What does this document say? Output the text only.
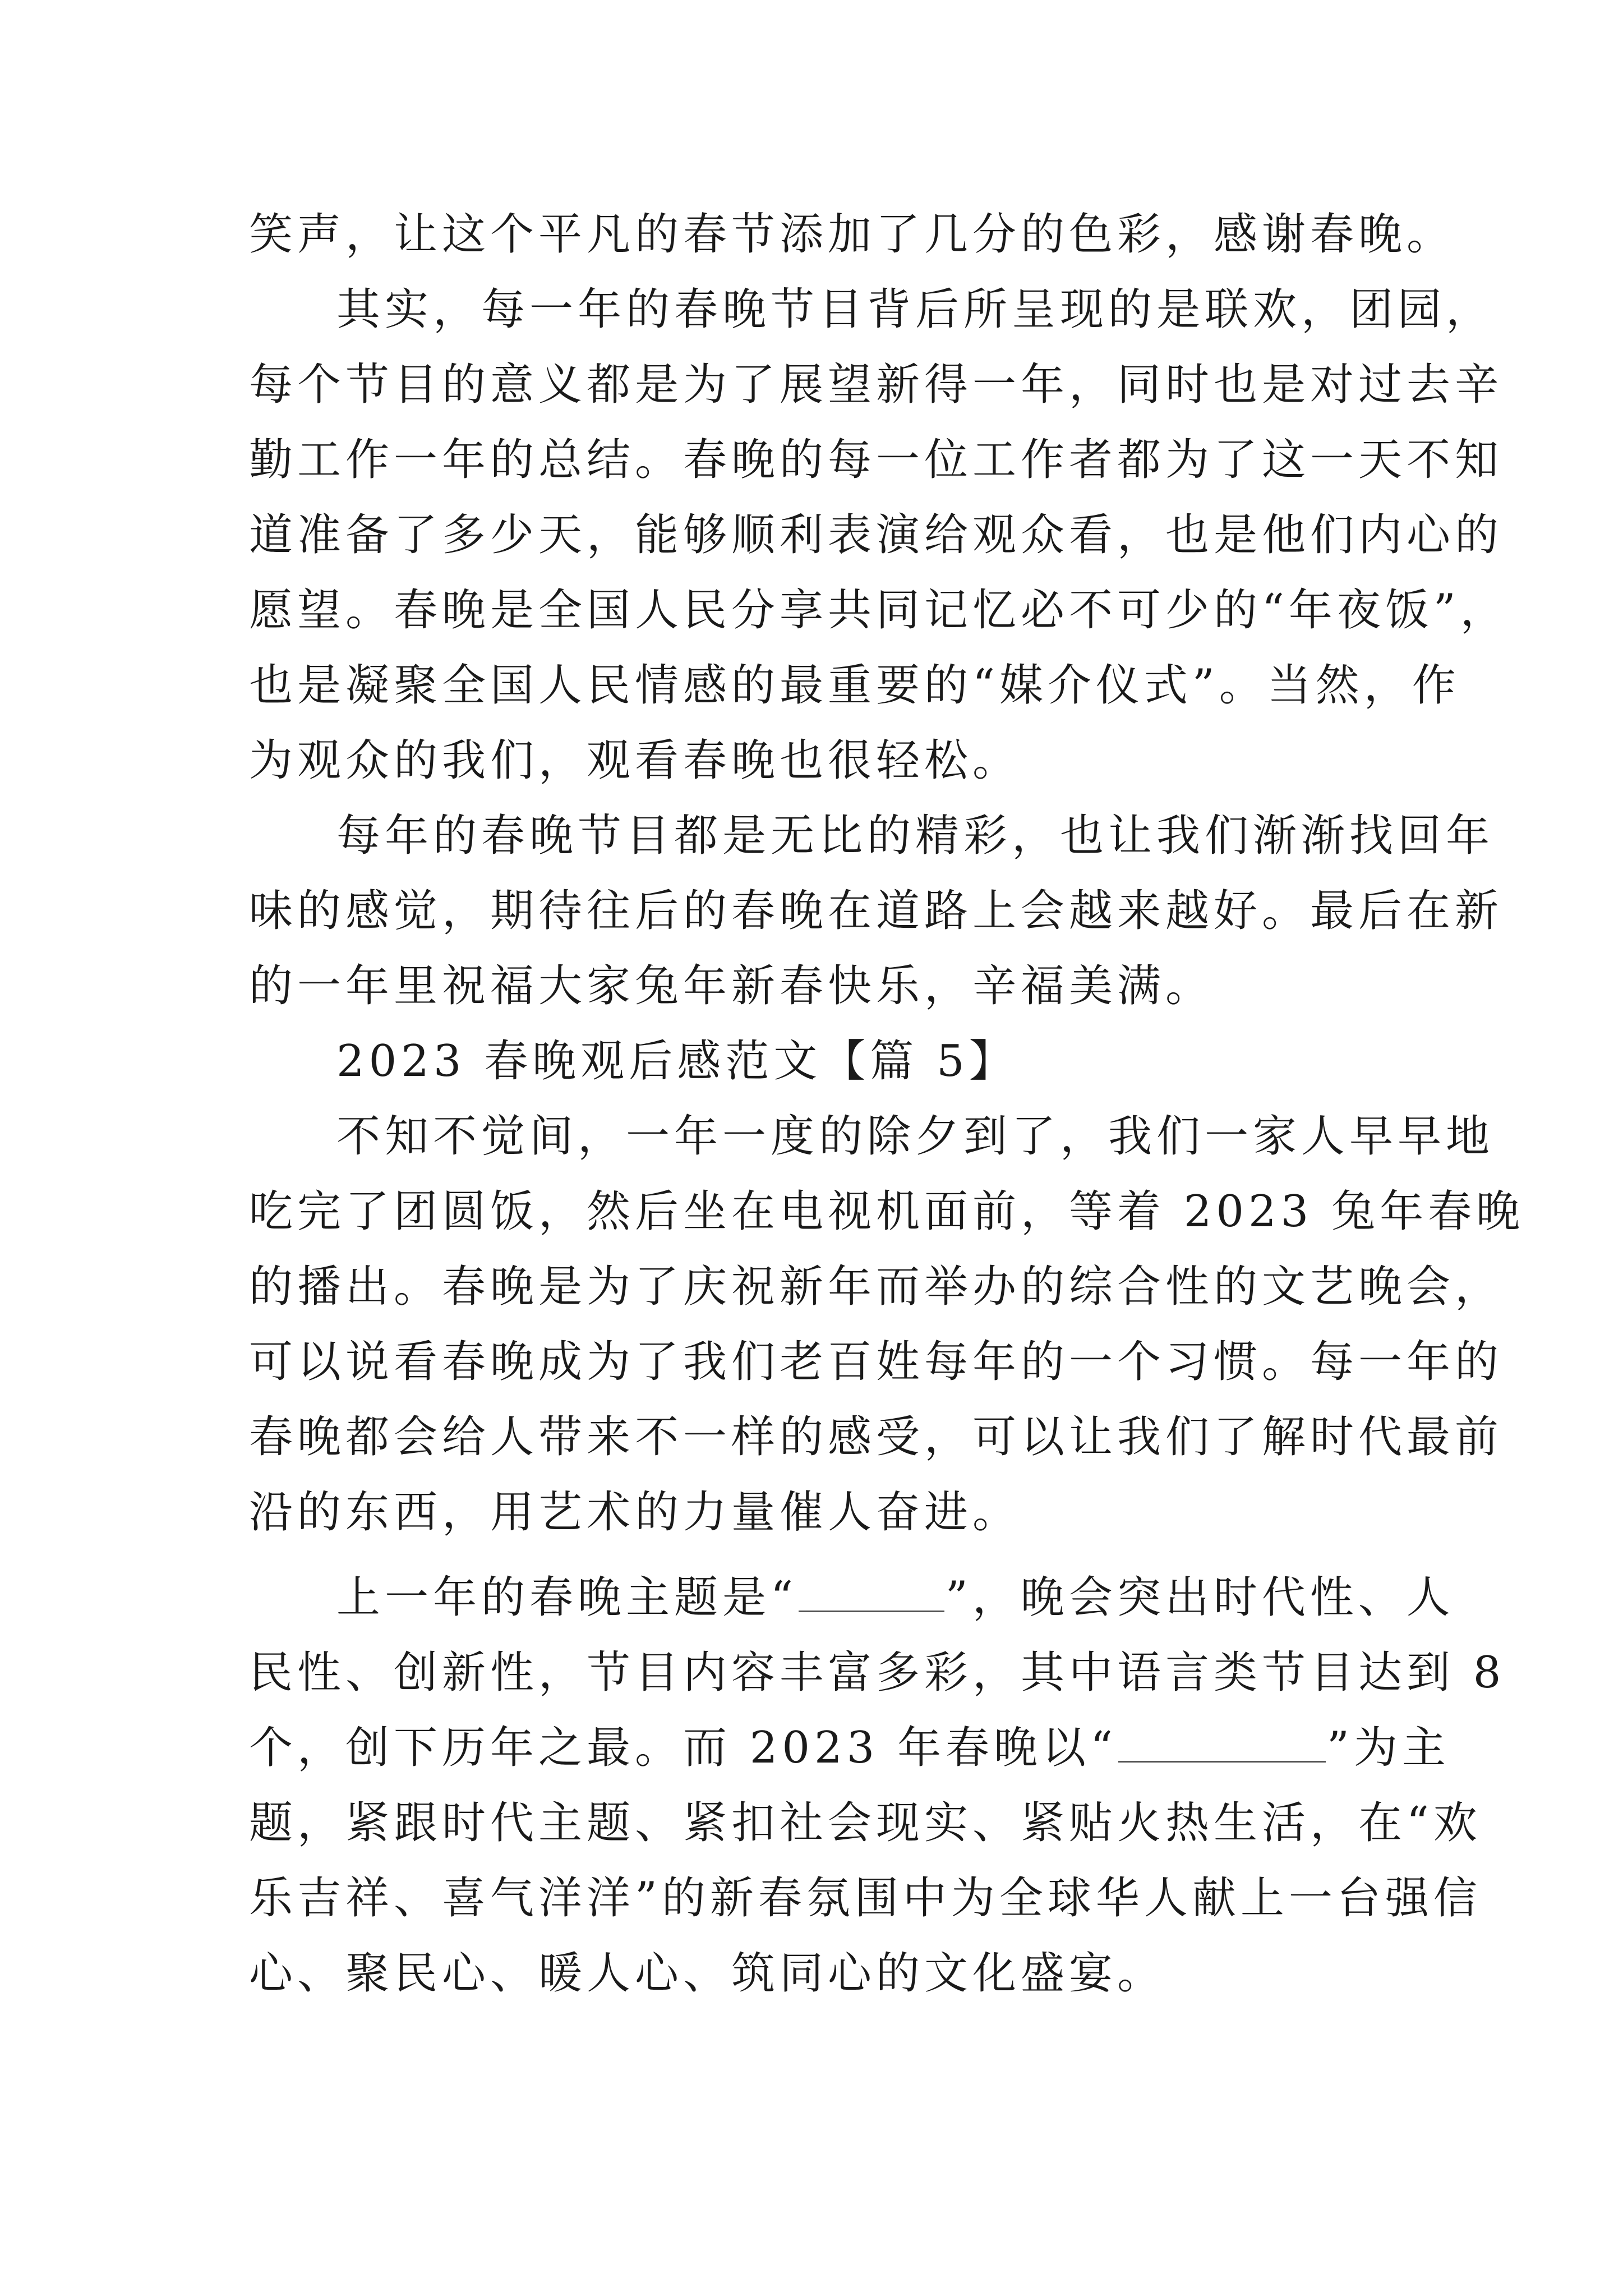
笑声，让这个平凡的春节添加了几分的色彩，感谢春晚。
其实，每一年的春晚节目背后所呈现的是联欢，团园，
每个节目的意义都是为了展望新得一年，同时也是对过去辛
勤工作一年的总结。春晚的每一位工作者都为了这一天不知
道准备了多少天，能够顺利表演给观众看，也是他们内心的
愿望。春晚是全国人民分享共同记忆必不可少的“年夜饭”，
也是凝聚全国人民情感的最重要的“媒介仪式”。当然，作
为观众的我们，观看春晚也很轻松。
每年的春晚节目都是无比的精彩，也让我们渐渐找回年
味的感觉，期待往后的春晚在道路上会越来越好。最后在新
的一年里祝福大家兔年新春快乐，辛福美满。
2023 春晚观后感范文【篇 5】
不知不觉间，一年一度的除夕到了，我们一家人早早地
吃完了团圆饭，然后坐在电视机面前，等着 2023 兔年春晚
的播出。春晚是为了庆祝新年而举办的综合性的文艺晚会，
可以说看春晚成为了我们老百姓每年的一个习惯。每一年的
春晚都会给人带来不一样的感受，可以让我们了解时代最前
沿的东西，用艺术的力量催人奋进。
上一年的春晚主题是“	”，晚会突出时代性、人
民性、创新性，节目内容丰富多彩，其中语言类节目达到 8
个，创下历年之最。而 2023 年春晚以“	”为主
题，紧跟时代主题、紧扣社会现实、紧贴火热生活，在“欢
乐吉祥、喜气洋洋”的新春氛围中为全球华人献上一台强信
心、聚民心、暖人心、筑同心的文化盛宴。
